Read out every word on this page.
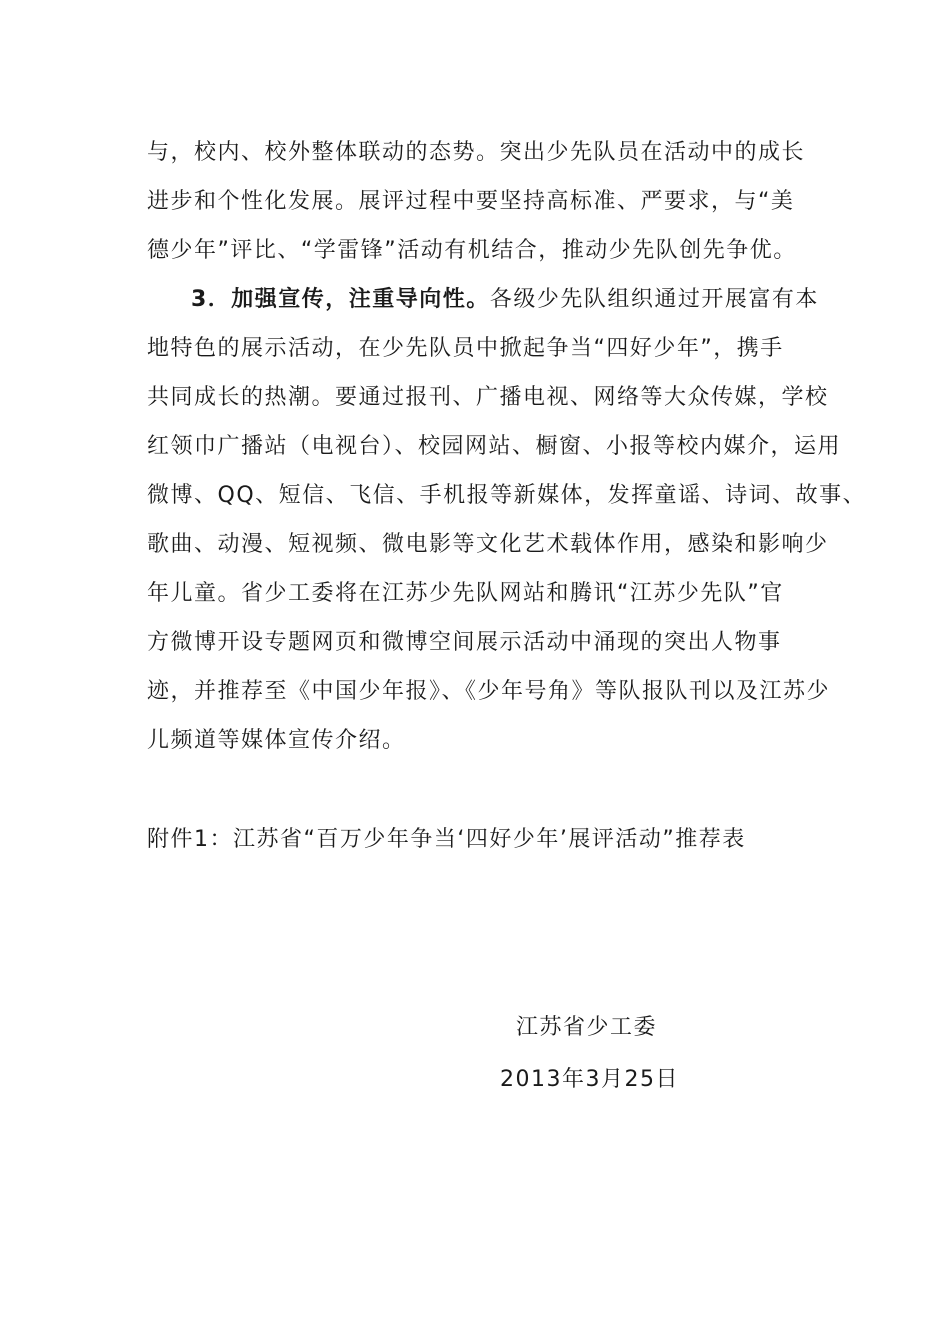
与，校内、校外整体联动的态势。突出少先队员在活动中的成长
进步和个性化发展。展评过程中要坚持高标准、严要求，与“美
德少年”评比、“学雷锋”活动有机结合，推动少先队创先争优。
3．加强宣传，注重导向性。各级少先队组织通过开展富有本
地特色的展示活动，在少先队员中掀起争当“四好少年”，携手
共同成长的热潮。要通过报刊、广播电视、网络等大众传媒，学校
红领巾广播站（电视台）、校园网站、橱窗、小报等校内媒介，运用
微博、QQ、短信、飞信、手机报等新媒体，发挥童谣、诗词、故事、
歌曲、动漫、短视频、微电影等文化艺术载体作用，感染和影响少
年儿童。省少工委将在江苏少先队网站和腾讯“江苏少先队”官
方微博开设专题网页和微博空间展示活动中涌现的突出人物事
迹，并推荐至《中国少年报》、《少年号角》等队报队刊以及江苏少
儿频道等媒体宣传介绍。
附件1：江苏省“百万少年争当‘四好少年’展评活动”推荐表
江苏省少工委
2013年3月25日
